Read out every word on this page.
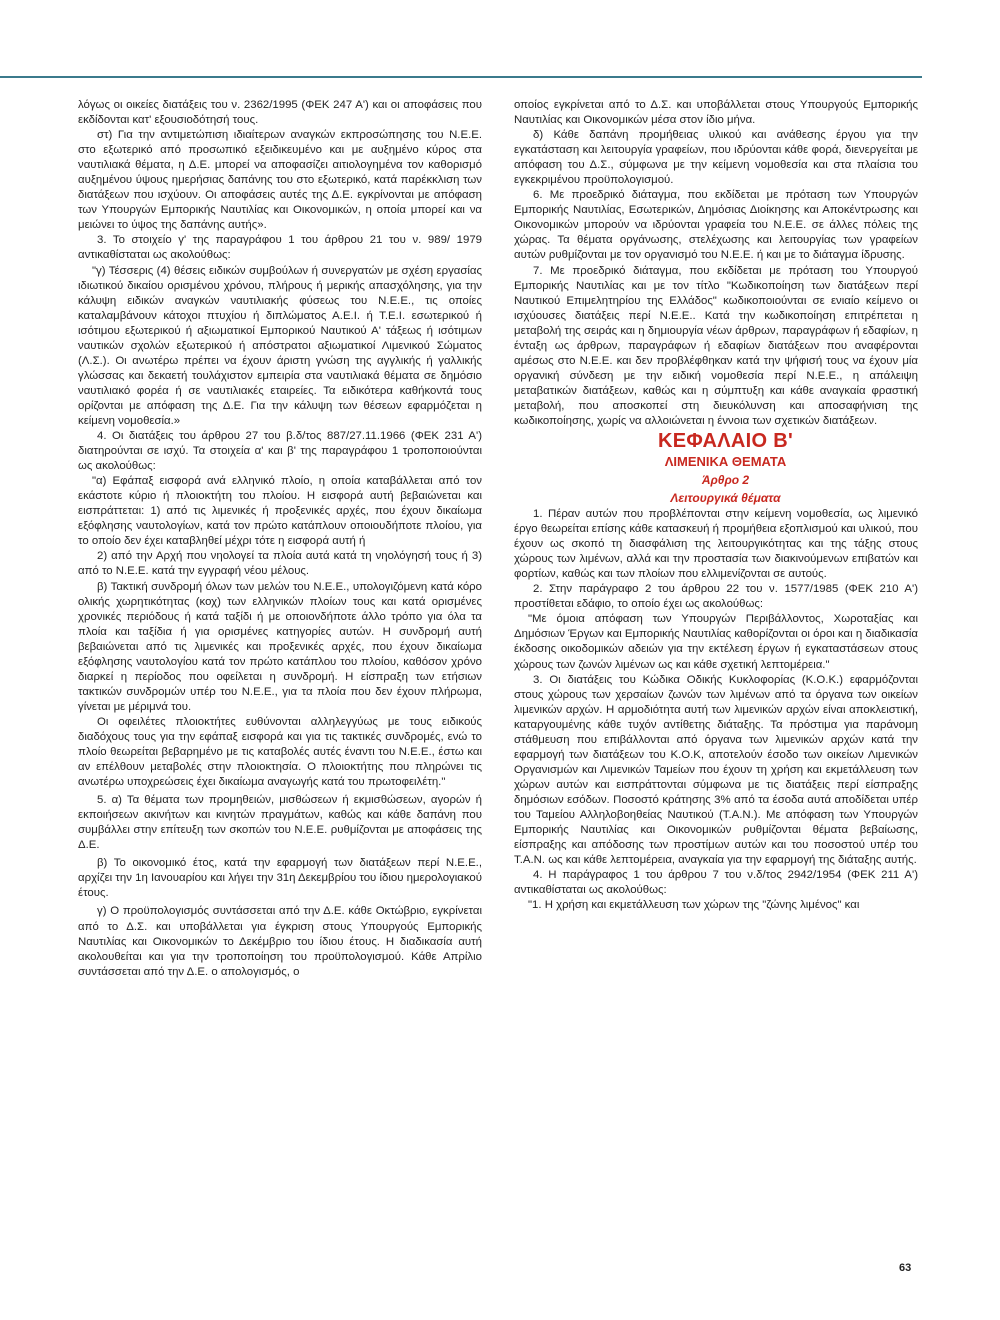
λόγως οι οικείες διατάξεις του ν. 2362/1995 (ΦΕΚ 247 Α') και οι αποφάσεις που εκδίδονται κατ' εξουσιοδότησή τους.

στ) Για την αντιμετώπιση ιδιαίτερων αναγκών εκπροσώπησης του Ν.Ε.Ε. στο εξωτερικό από προσωπικό εξειδικευμένο και με αυξημένο κύρος στα ναυτιλιακά θέματα, η Δ.Ε. μπορεί να αποφασίζει αιτιολογημένα τον καθορισμό αυξημένου ύψους ημερήσιας δαπάνης του στο εξωτερικό, κατά παρέκκλιση των διατάξεων που ισχύουν. Οι αποφάσεις αυτές της Δ.Ε. εγκρίνονται με απόφαση των Υπουργών Εμπορικής Ναυτιλίας και Οικονομικών, η οποία μπορεί και να μειώνει το ύψος της δαπάνης αυτής».

3. Το στοιχείο γ' της παραγράφου 1 του άρθρου 21 του ν. 989/ 1979 αντικαθίσταται ως ακολούθως:

"γ) Τέσσερις (4) θέσεις ειδικών συμβούλων ή συνεργατών με σχέση εργασίας ιδιωτικού δικαίου ορισμένου χρόνου, πλήρους ή μερικής απασχόλησης, για την κάλυψη ειδικών αναγκών ναυτιλιακής φύσεως του Ν.Ε.Ε., τις οποίες καταλαμβάνουν κάτοχοι πτυχίου ή διπλώματος Α.Ε.Ι. ή Τ.Ε.Ι. εσωτερικού ή ισότιμου εξωτερικού ή αξιωματικοί Εμπορικού Ναυτικού Α' τάξεως ή ισότιμων ναυτικών σχολών εξωτερικού ή απόστρατοι αξιωματικοί Λιμενικού Σώματος (Λ.Σ.). Οι ανωτέρω πρέπει να έχουν άριστη γνώση της αγγλικής ή γαλλικής γλώσσας και δεκαετή τουλάχιστον εμπειρία στα ναυτιλιακά θέματα σε δημόσιο ναυτιλιακό φορέα ή σε ναυτιλιακές εταιρείες. Τα ειδικότερα καθήκοντά τους ορίζονται με απόφαση της Δ.Ε. Για την κάλυψη των θέσεων εφαρμόζεται η κείμενη νομοθεσία.»

4. Οι διατάξεις του άρθρου 27 του β.δ/τος 887/27.11.1966 (ΦΕΚ 231 Α') διατηρούνται σε ισχύ. Τα στοιχεία α' και β' της παραγράφου 1 τροποποιούνται ως ακολούθως:

"α) Εφάπαξ εισφορά ανά ελληνικό πλοίο, η οποία καταβάλλεται από τον εκάστοτε κύριο ή πλοιοκτήτη του πλοίου. Η εισφορά αυτή βεβαιώνεται και εισπράττεται: 1) από τις λιμενικές ή προξενικές αρχές, που έχουν δικαίωμα εξόφλησης ναυτολογίων, κατά τον πρώτο κατάπλουν οποιουδήποτε πλοίου, για το οποίο δεν έχει καταβληθεί μέχρι τότε η εισφορά αυτή ή

2) από την Αρχή που νηολογεί τα πλοία αυτά κατά τη νηολόγησή τους ή 3) από το Ν.Ε.Ε. κατά την εγγραφή νέου μέλους.

β) Τακτική συνδρομή όλων των μελών του Ν.Ε.Ε., υπολογιζόμενη κατά κόρο ολικής χωρητικότητας (κοχ) των ελληνικών πλοίων τους και κατά ορισμένες χρονικές περιόδους ή κατά ταξίδι ή με οποιονδήποτε άλλο τρόπο για όλα τα πλοία και ταξίδια ή για ορισμένες κατηγορίες αυτών. Η συνδρομή αυτή βεβαιώνεται από τις λιμενικές και προξενικές αρχές, που έχουν δικαίωμα εξόφλησης ναυτολογίου κατά τον πρώτο κατάπλου του πλοίου, καθόσον χρόνο διαρκεί η περίοδος που οφείλεται η συνδρομή. Η είσπραξη των ετήσιων τακτικών συνδρομών υπέρ του Ν.Ε.Ε., για τα πλοία που δεν έχουν πλήρωμα, γίνεται με μέριμνά του.

Οι οφειλέτες πλοιοκτήτες ευθύνονται αλληλεγγύως με τους ειδικούς διαδόχους τους για την εφάπαξ εισφορά και για τις τακτικές συνδρομές, ενώ το πλοίο θεωρείται βεβαρημένο με τις καταβολές αυτές έναντι του Ν.Ε.Ε., έστω και αν επέλθουν μεταβολές στην πλοιοκτησία. Ο πλοιοκτήτης που πληρώνει τις ανωτέρω υποχρεώσεις έχει δικαίωμα αναγωγής κατά του πρωτοφειλέτη."

5. α) Τα θέματα των προμηθειών, μισθώσεων ή εκμισθώσεων, αγορών ή εκποιήσεων ακινήτων και κινητών πραγμάτων, καθώς και κάθε δαπάνη που συμβάλλει στην επίτευξη των σκοπών του Ν.Ε.Ε. ρυθμίζονται με αποφάσεις της Δ.Ε.

β) Το οικονομικό έτος, κατά την εφαρμογή των διατάξεων περί Ν.Ε.Ε., αρχίζει την 1η Ιανουαρίου και λήγει την 31η Δεκεμβρίου του ίδιου ημερολογιακού έτους.

γ) Ο προϋπολογισμός συντάσσεται από την Δ.Ε. κάθε Οκτώβριο, εγκρίνεται από το Δ.Σ. και υποβάλλεται για έγκριση στους Υπουργούς Εμπορικής Ναυτιλίας και Οικονομικών το Δεκέμβριο του ίδιου έτους. Η διαδικασία αυτή ακολουθείται και για την τροποποίηση του προϋπολογισμού. Κάθε Απρίλιο συντάσσεται από την Δ.Ε. ο απολογισμός, ο

οποίος εγκρίνεται από το Δ.Σ. και υποβάλλεται στους Υπουργούς Εμπορικής Ναυτιλίας και Οικονομικών μέσα στον ίδιο μήνα.

δ) Κάθε δαπάνη προμήθειας υλικού και ανάθεσης έργου για την εγκατάσταση και λειτουργία γραφείων, που ιδρύονται κάθε φορά, διενεργείται με απόφαση του Δ.Σ., σύμφωνα με την κείμενη νομοθεσία και στα πλαίσια του εγκεκριμένου προϋπολογισμού.

6. Με προεδρικό διάταγμα, που εκδίδεται με πρόταση των Υπουργών Εμπορικής Ναυτιλίας, Εσωτερικών, Δημόσιας Διοίκησης και Αποκέντρωσης και Οικονομικών μπορούν να ιδρύονται γραφεία του Ν.Ε.Ε. σε άλλες πόλεις της χώρας. Τα θέματα οργάνωσης, στελέχωσης και λειτουργίας των γραφείων αυτών ρυθμίζονται με τον οργανισμό του Ν.Ε.Ε. ή και με το διάταγμα ίδρυσης.

7. Με προεδρικό διάταγμα, που εκδίδεται με πρόταση του Υπουργού Εμπορικής Ναυτιλίας και με τον τίτλο "Κωδικοποίηση των διατάξεων περί Ναυτικού Επιμελητηρίου της Ελλάδος" κωδικοποιούνται σε ενιαίο κείμενο οι ισχύουσες διατάξεις περί Ν.Ε.Ε.. Κατά την κωδικοποίηση επιτρέπεται η μεταβολή της σειράς και η δημιουργία νέων άρθρων, παραγράφων ή εδαφίων, η ένταξη ως άρθρων, παραγράφων ή εδαφίων διατάξεων που αναφέρονται αμέσως στο Ν.Ε.Ε. και δεν προβλέφθηκαν κατά την ψήφισή τους να έχουν μία οργανική σύνδεση με την ειδική νομοθεσία περί Ν.Ε.Ε., η απάλειψη μεταβατικών διατάξεων, καθώς και η σύμπτυξη και κάθε αναγκαία φραστική μεταβολή, που αποσκοπεί στη διευκόλυνση και αποσαφήνιση της κωδικοποίησης, χωρίς να αλλοιώνεται η έννοια των σχετικών διατάξεων.

ΚΕΦΑΛΑΙΟ Β'

ΛΙΜΕΝΙΚΑ ΘΕΜΑΤΑ

Άρθρο 2

Λειτουργικά θέματα

1. Πέραν αυτών που προβλέπονται στην κείμενη νομοθεσία, ως λιμενικό έργο θεωρείται επίσης κάθε κατασκευή ή προμήθεια εξοπλισμού και υλικού, που έχουν ως σκοπό τη διασφάλιση της λειτουργικότητας και της τάξης στους χώρους των λιμένων, αλλά και την προστασία των διακινούμενων επιβατών και φορτίων, καθώς και των πλοίων που ελλιμενίζονται σε αυτούς.

2. Στην παράγραφο 2 του άρθρου 22 του ν. 1577/1985 (ΦΕΚ 210 Α') προστίθεται εδάφιο, το οποίο έχει ως ακολούθως:

"Με όμοια απόφαση των Υπουργών Περιβάλλοντος, Χωροταξίας και Δημόσιων Έργων και Εμπορικής Ναυτιλίας καθορίζονται οι όροι και η διαδικασία έκδοσης οικοδομικών αδειών για την εκτέλεση έργων ή εγκαταστάσεων στους χώρους των ζωνών λιμένων ως και κάθε σχετική λεπτομέρεια."

3. Οι διατάξεις του Κώδικα Οδικής Κυκλοφορίας (Κ.Ο.Κ.) εφαρμόζονται στους χώρους των χερσαίων ζωνών των λιμένων από τα όργανα των οικείων λιμενικών αρχών. Η αρμοδιότητα αυτή των λιμενικών αρχών είναι αποκλειστική, καταργουμένης κάθε τυχόν αντίθετης διάταξης. Τα πρόστιμα για παράνομη στάθμευση που επιβάλλονται από όργανα των λιμενικών αρχών κατά την εφαρμογή των διατάξεων του Κ.Ο.Κ, αποτελούν έσοδο των οικείων Λιμενικών Οργανισμών και Λιμενικών Ταμείων που έχουν τη χρήση και εκμετάλλευση των χώρων αυτών και εισπράττονται σύμφωνα με τις διατάξεις περί είσπραξης δημόσιων εσόδων. Ποσοστό κράτησης 3% από τα έσοδα αυτά αποδίδεται υπέρ του Ταμείου Αλληλοβοηθείας Ναυτικού (Τ.Α.Ν.). Με απόφαση των Υπουργών Εμπορικής Ναυτιλίας και Οικονομικών ρυθμίζονται θέματα βεβαίωσης, είσπραξης και απόδοσης των προστίμων αυτών και του ποσοστού υπέρ του Τ.Α.Ν. ως και κάθε λεπτομέρεια, αναγκαία για την εφαρμογή της διάταξης αυτής.

4. Η παράγραφος 1 του άρθρου 7 του ν.δ/τος 2942/1954 (ΦΕΚ 211 Α') αντικαθίσταται ως ακολούθως:

"1. Η χρήση και εκμετάλλευση των χώρων της "ζώνης λιμένος" και

63
